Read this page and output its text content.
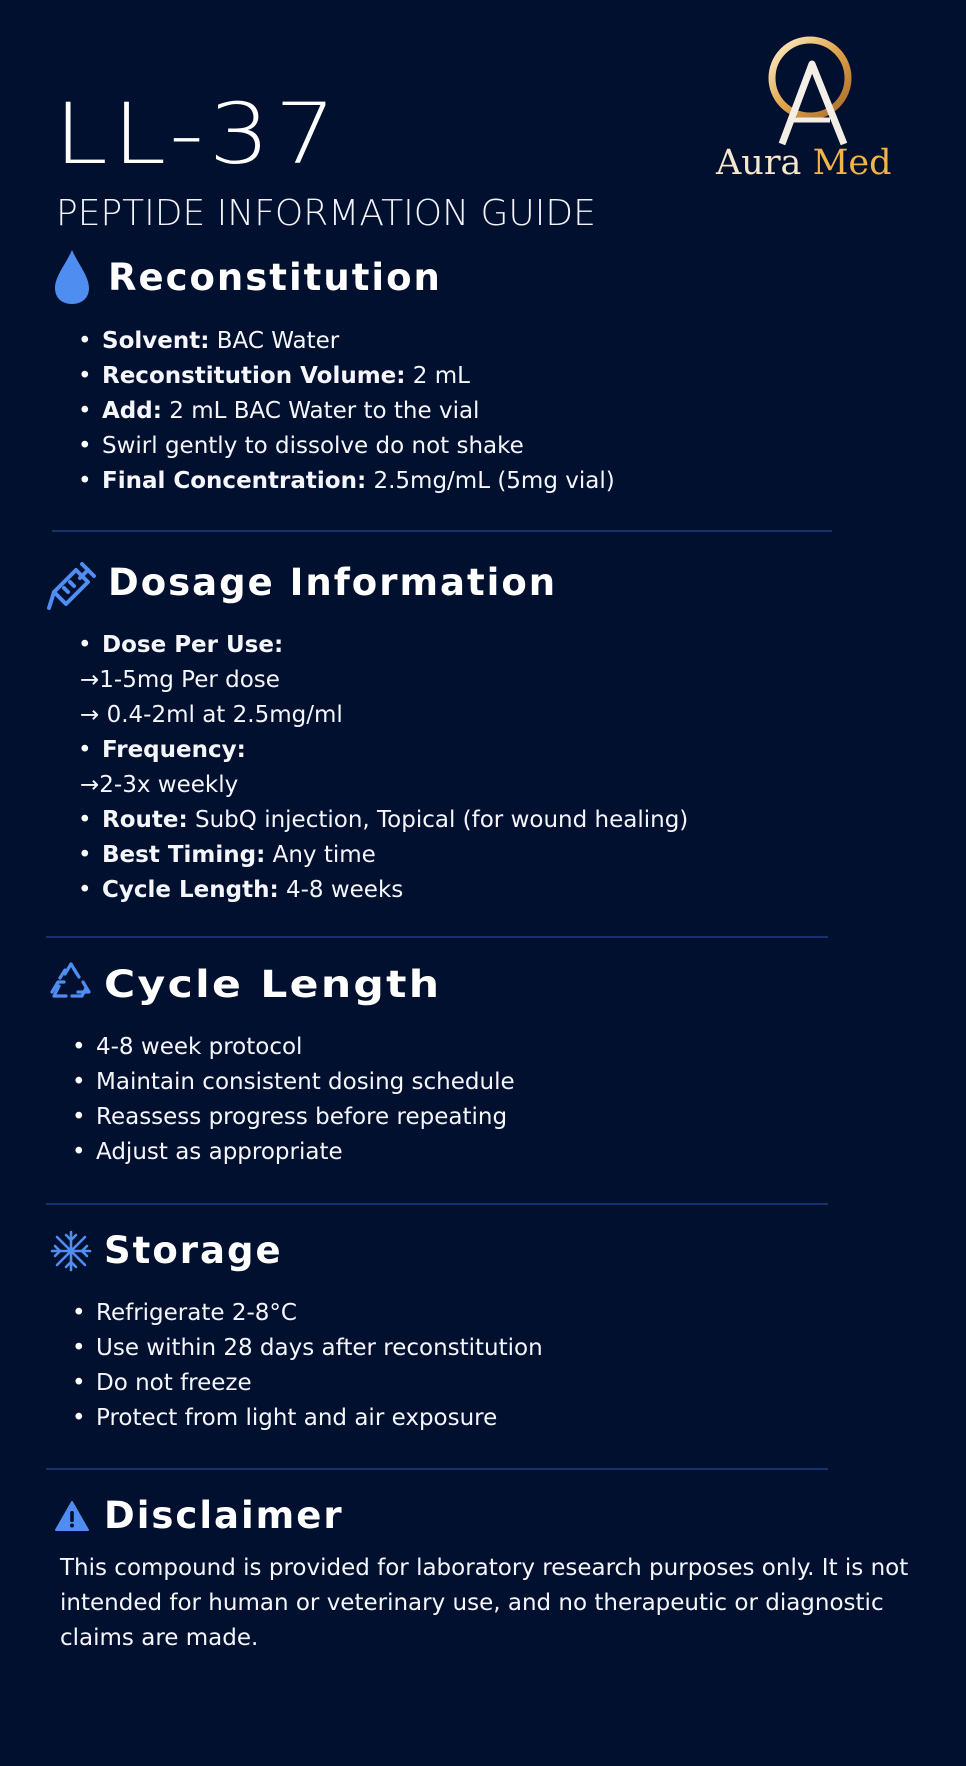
LL-37
PEPTIDE INFORMATION GUIDE
Aura Med
Reconstitution
• Solvent: BAC Water
• Reconstitution Volume: 2 mL
• Add: 2 mL BAC Water to the vial
• Swirl gently to dissolve do not shake
• Final Concentration: 2.5mg/mL (5mg vial)
Dosage Information
• Dose Per Use:
→1-5mg Per dose
→ 0.4-2ml at 2.5mg/ml
• Frequency:
→2-3x weekly
• Route: SubQ injection, Topical (for wound healing)
• Best Timing: Any time
• Cycle Length: 4-8 weeks
Cycle Length
• 4-8 week protocol
• Maintain consistent dosing schedule
• Reassess progress before repeating
• Adjust as appropriate
Storage
• Refrigerate 2-8°C
• Use within 28 days after reconstitution
• Do not freeze
• Protect from light and air exposure
Disclaimer

This compound is provided for laboratory research purposes only. It is not intended for human or veterinary use, and no therapeutic or diagnostic claims are made.
